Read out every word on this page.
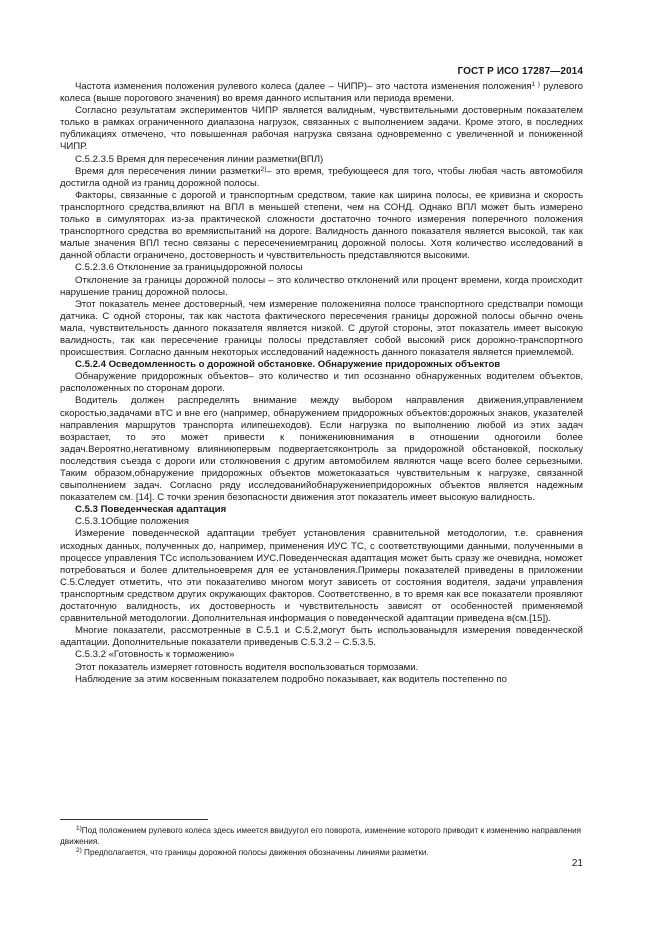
ГОСТ Р ИСО 17287—2014

Частота изменения положения рулевого колеса (далее – ЧИПР)– это частота изменения положения$^{1 )}$ рулевого колеса (выше порогового значения) во время данного испытания или периода времени.

Согласно результатам экспериментов ЧИПР является валидным, чувствительными достоверным показателем только в рамках ограниченного диапазона нагрузок, связанных с выполнением задачи. Кроме этого, в последних публикациях отмечено, что повышенная рабочая нагрузка связана одновременно с увеличенной и пониженной ЧИПР.

С.5.2.3.5 Время для пересечения линии разметки(ВПЛ)

Время для пересечения линии разметки$^{2)}$– это время, требующееся для того, чтобы любая часть автомобиля достигла одной из границ дорожной полосы.

Факторы, связанные с дорогой и транспортным средством, такие как ширина полосы, ее кривизна и скорость транспортного средства,влияют на ВПЛ в меньшей степени, чем на СОНД. Однако ВПЛ может быть измерено только в симуляторах из-за практической сложности достаточно точного измерения поперечного положения транспортного средства во времяиспытаний на дороге. Валидность данного показателя является высокой, так как малые значения ВПЛ тесно связаны с пересечениемграниц дорожной полосы. Хотя количество исследований в данной области ограничено, достоверность и чувствительность представляются высокими.

С.5.2.3.6 Отклонение за границыдорожной полосы

Отклонение за границы дорожной полосы – это количество отклонений или процент времени, когда происходит нарушение границ дорожной полосы.

Этот показатель менее достоверный, чем измерение положенияна полосе транспортного средствапри помощи датчика. С одной стороны, так как частота фактического пересечения границы дорожной полосы обычно очень мала, чувствительность данного показателя является низкой. С другой стороны, этот показатель имеет высокую валидность, так как пересечение границы полосы представляет собой высокий риск дорожно-транспортного происшествия. Согласно данным некоторых исследований надежность данного показателя является приемлемой.

С.5.2.4 Осведомленность о дорожной обстановке. Обнаружение придорожных объектов

Обнаружение придорожных объектов– это количество и тип осознанно обнаруженных водителем объектов, расположенных по сторонам дороги.

Водитель должен распределять внимание между выбором направления движения,управлением скоростью,задачами вТС и вне его (например, обнаружением придорожных объектов:дорожных знаков, указателей направления маршрутов транспорта илипешеходов). Если нагрузка по выполнению любой из этих задач возрастает, то это может привести к понижениювнимания в отношении одногоили более задач.Вероятно,негативному влияниюпервым подвергаетсяконтроль за придорожной обстановкой, поскольку последствия съезда с дороги или столкновения с другим автомобилем являются чаще всего более серьезными. Таким образом,обнаружение придорожных объектов можетоказаться чувствительным к нагрузке, связанной свыполнением задач. Согласно ряду исследованийобнаружениепридорожных объектов является надежным показателем см. [14]. С точки зрения безопасности движения этот показатель имеет высокую валидность.

С.5.3 Поведенческая адаптация

С.5.3.1Общие положения

Измерение поведенческой адаптации требует установления сравнительной методологии, т.е. сравнения исходных данных, полученных до, например, применения ИУС ТС, с соответствующими данными, полученными в процессе управления ТСс использованием ИУС.Поведенческая адаптация может быть сразу же очевидна, номожет потребоваться и более длительноевремя для ее установления.Примеры показателей приведены в приложении С.5.Следует отметить, что эти показателиво многом могут зависеть от состояния водителя, задачи управления транспортным средством других окружающих факторов. Соответственно, в то время как все показатели проявляют достаточную валидность, их достоверность и чувствительность зависят от особенностей применяемой сравнительной методологии. Дополнительная информация о поведенческой адаптации приведена в(см.[15]).

Многие показатели, рассмотренные в С.5.1 и С.5.2,могут быть использованыдля измерения поведенческой адаптации. Дополнительные показатели приведеныв С.5.3.2 – С.5.3.5.

С.5.3.2 «Готовность к торможению»

Этот показатель измеряет готовность водителя воспользоваться тормозами.

Наблюдение за этим косвенным показателем подробно показывает, как водитель постепенно по

$^{1)}$Под положением рулевого колеса здесь имеется ввидуугол его поворота, изменение которого приводит к изменению направления движения.

$^{2)}$ Предполагается, что границы дорожной полосы движения обозначены линиями разметки.

21
